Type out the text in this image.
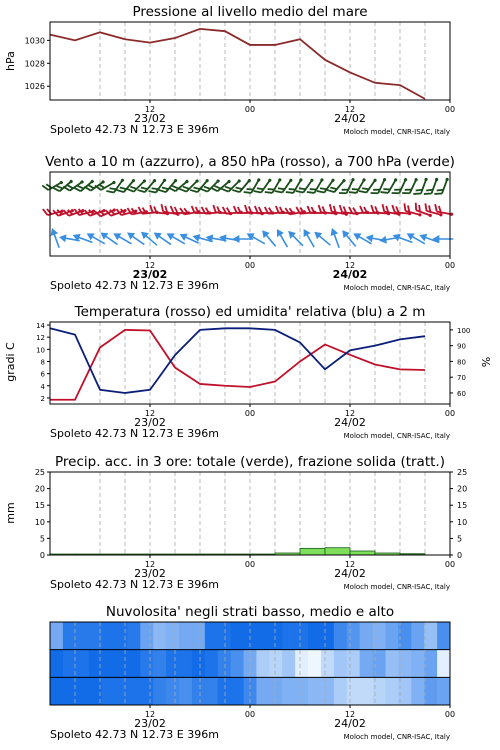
Pressione al livello medio del mare
1026
1028
1030
hPa
12	00	12	00
23/02	24/02
Spoleto 42.73 N 12.73 E 396m	Moloch model, CNR-ISAC, Italy
Vento a 10 m (azzurro), a 850 hPa (rosso), a 700 hPa (verde)
12	00	12	00
23/02	24/02
Spoleto 42.73 N 12.73 E 396m	Moloch model, CNR-ISAC, Italy
Temperatura (rosso) ed umidita' relativa (blu) a 2 m
2
4
6
8
10
12
14
60
70
80
90
100
gradi C	%
12	00	12	00
23/02	24/02
Spoleto 42.73 N 12.73 E 396m	Moloch model, CNR-ISAC, Italy
Precip. acc. in 3 ore: totale (verde), frazione solida (tratt.)
0
5
10
15
20
25
0
5
10
15
20
25
mm
12	00	12	00
23/02	24/02
Spoleto 42.73 N 12.73 E 396m	Moloch model, CNR-ISAC, Italy
Nuvolosita' negli strati basso, medio e alto
12	00	12	00
23/02	24/02
Spoleto 42.73 N 12.73 E 396m	Moloch model, CNR-ISAC, Italy
